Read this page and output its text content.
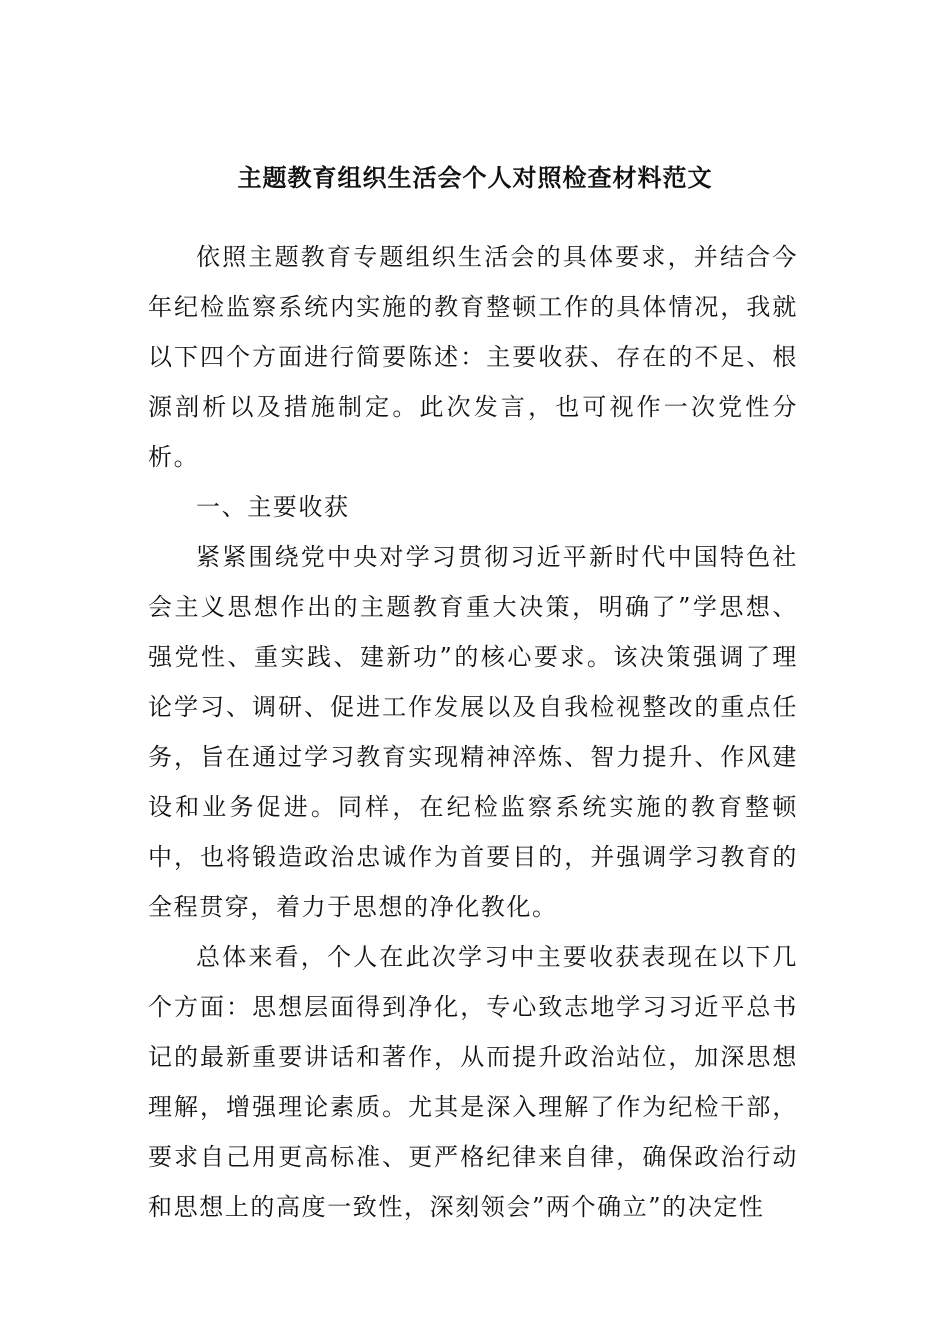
主题教育组织生活会个人对照检查材料范文

依照主题教育专题组织生活会的具体要求，并结合今年纪检监察系统内实施的教育整顿工作的具体情况，我就以下四个方面进行简要陈述：主要收获、存在的不足、根源剖析以及措施制定。此次发言，也可视作一次党性分析。

一、主要收获

紧紧围绕党中央对学习贯彻习近平新时代中国特色社会主义思想作出的主题教育重大决策，明确了”学思想、强党性、重实践、建新功”的核心要求。该决策强调了理论学习、调研、促进工作发展以及自我检视整改的重点任务，旨在通过学习教育实现精神淬炼、智力提升、作风建设和业务促进。同样，在纪检监察系统实施的教育整顿中，也将锻造政治忠诚作为首要目的，并强调学习教育的全程贯穿，着力于思想的净化教化。

总体来看，个人在此次学习中主要收获表现在以下几个方面：思想层面得到净化，专心致志地学习习近平总书记的最新重要讲话和著作，从而提升政治站位，加深思想理解，增强理论素质。尤其是深入理解了作为纪检干部，要求自己用更高标准、更严格纪律来自律，确保政治行动和思想上的高度一致性，深刻领会”两个确立”的决定性
